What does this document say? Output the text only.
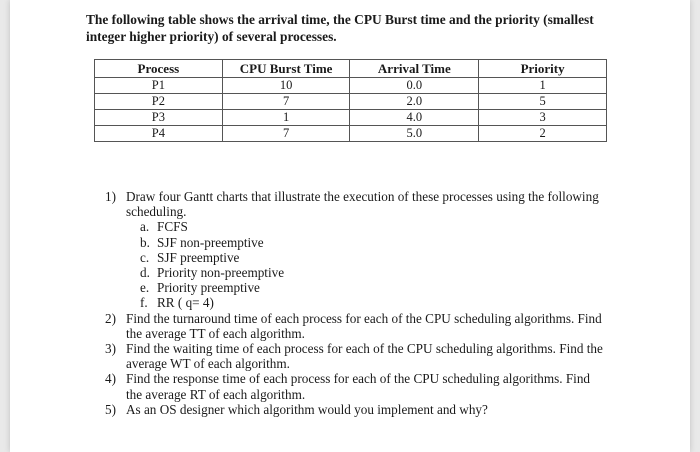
The following table shows the arrival time, the CPU Burst time and the priority (smallest
integer higher priority) of several processes.
Process	CPU Burst Time	Arrival Time	Priority
P1	10	0.0	1
P2	7	2.0	5
P3	1	4.0	3
P4	7	5.0	2
1) Draw four Gantt charts that illustrate the execution of these processes using the following
scheduling.
a. FCFS
b. SJF non-preemptive
c. SJF preemptive
d. Priority non-preemptive
e. Priority preemptive
f. RR ( q= 4)
2) Find the turnaround time of each process for each of the CPU scheduling algorithms. Find
the average TT of each algorithm.
3) Find the waiting time of each process for each of the CPU scheduling algorithms. Find the
average WT of each algorithm.
4) Find the response time of each process for each of the CPU scheduling algorithms. Find
the average RT of each algorithm.
5) As an OS designer which algorithm would you implement and why?
